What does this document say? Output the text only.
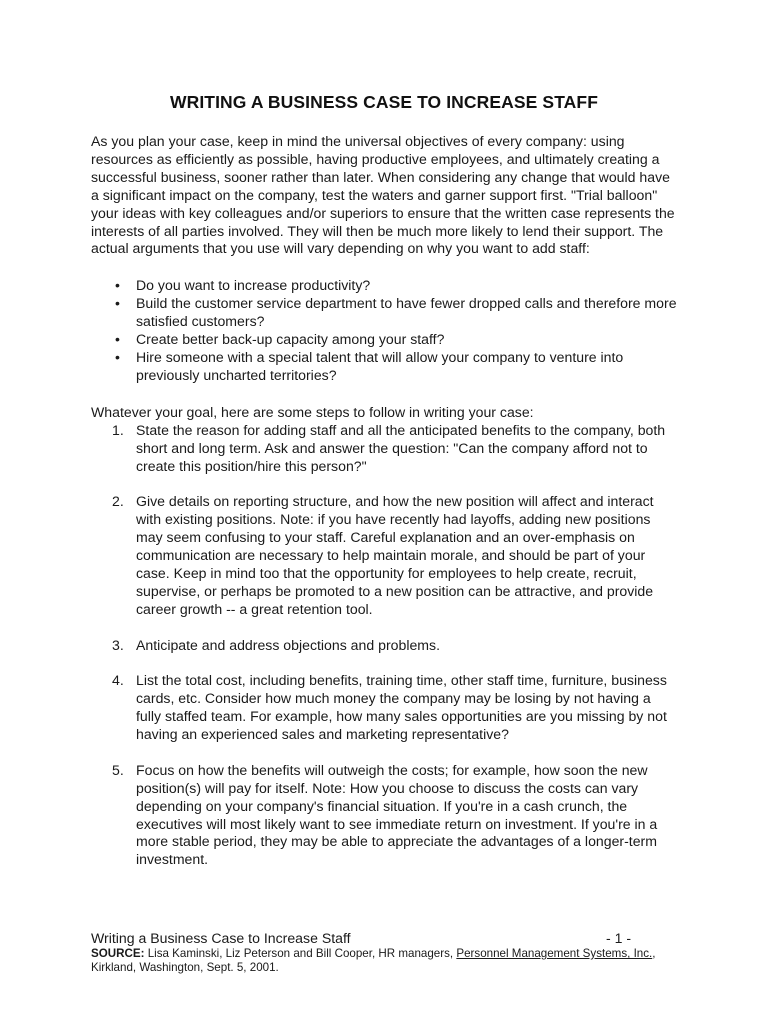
WRITING A BUSINESS CASE TO INCREASE STAFF

As you plan your case, keep in mind the universal objectives of every company: using resources as efficiently as possible, having productive employees, and ultimately creating a successful business, sooner rather than later. When considering any change that would have a significant impact on the company, test the waters and garner support first. "Trial balloon" your ideas with key colleagues and/or superiors to ensure that the written case represents the interests of all parties involved. They will then be much more likely to lend their support. The actual arguments that you use will vary depending on why you want to add staff:

• Do you want to increase productivity?
• Build the customer service department to have fewer dropped calls and therefore more satisfied customers?
• Create better back-up capacity among your staff?
• Hire someone with a special talent that will allow your company to venture into previously uncharted territories?

Whatever your goal, here are some steps to follow in writing your case:

1. State the reason for adding staff and all the anticipated benefits to the company, both short and long term. Ask and answer the question: "Can the company afford not to create this position/hire this person?"
2. Give details on reporting structure, and how the new position will affect and interact with existing positions. Note: if you have recently had layoffs, adding new positions may seem confusing to your staff. Careful explanation and an over-emphasis on communication are necessary to help maintain morale, and should be part of your case. Keep in mind too that the opportunity for employees to help create, recruit, supervise, or perhaps be promoted to a new position can be attractive, and provide career growth -- a great retention tool.
3. Anticipate and address objections and problems.
4. List the total cost, including benefits, training time, other staff time, furniture, business cards, etc. Consider how much money the company may be losing by not having a fully staffed team. For example, how many sales opportunities are you missing by not having an experienced sales and marketing representative?
5. Focus on how the benefits will outweigh the costs; for example, how soon the new position(s) will pay for itself. Note: How you choose to discuss the costs can vary depending on your company's financial situation. If you're in a cash crunch, the executives will most likely want to see immediate return on investment. If you're in a more stable period, they may be able to appreciate the advantages of a longer-term investment.
Writing a Business Case to Increase Staff	- 1 -
SOURCE: Lisa Kaminski, Liz Peterson and Bill Cooper, HR managers, Personnel Management Systems, Inc., Kirkland, Washington, Sept. 5, 2001.
